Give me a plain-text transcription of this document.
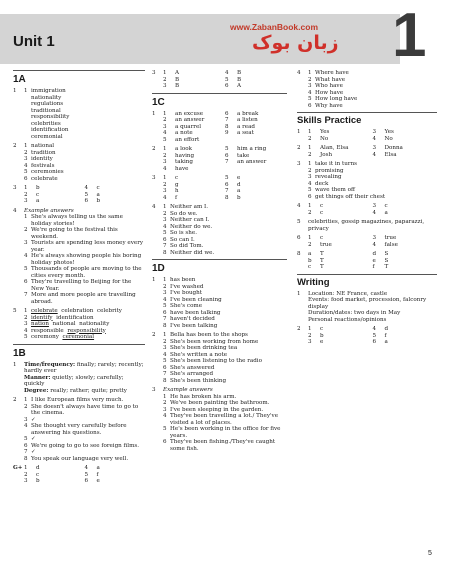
Unit 1	1
www.ZabanBook.com
زبان بوک
1A
1	1 immigration
nationality
regulations
traditional
responsibility
celebrities
identification
ceremonial
2	1 national
2 tradition
3 identity
4 festivals
5 ceremonies
6 celebrate
3	1	b	4	c
2	c	5	a
3	a	6	b
4	Example answers
1 She's always telling us the same holiday stories!
2 We're going to the festival this weekend.
3 Tourists are spending less money every year.
4 He's always showing people his boring holiday photos!
5 Thousands of people are moving to the cities every month.
6 They're travelling to Beijing for the New Year.
7 More and more people are travelling abroad.
5	1 celebrate celebration celebrity
2 identify identification
3 nation national nationality
4 responsible responsibility
5 ceremony ceremonial
1B
1	Time/frequency: finally; rarely; recently; hardly ever
Manner: quietly; slowly; carefully; quickly
Degree: really; rather; quite; pretty
2	1 I like European films very much.
2 She doesn't always have time to go to the cinema.
3 ✓
4 She thought very carefully before answering his questions.
5 ✓
6 We're going to go to see foreign films.
7 ✓
8 You speak our language very well.
G+ 1	d	4	a
2	c	5	f
3	b	6	e
3	1	A	4	B
2	B	5	B
3	B	6	A
1C
1	1	an excuse	6	a break
2	an answer	7	a listen
3	a quarrel	8	a read
4	a note	9	a seat
5	an effort
2	1	a look	5	him a ring
2	having	6	take
3	taking	7	an answer
4	have
3	1	c	5	e
2	g	6	d
3	h	7	a
4	f	8	b
4	1 Neither am I.
2 So do we.
3 Neither can I.
4 Neither do we.
5 So is she.
6 So can I.
7 So did Tom.
8 Neither did we.
1D
1	1 has been
2 I've washed
3 I've bought
4 I've been cleaning
5 She's come
6 have been talking
7 haven't decided
8 I've been talking
2	1 Bella has been to the shops
2 She's been working from home
3 She's been drinking tea
4 She's written a note
5 She's been listening to the radio
6 She's answered
7 She's arranged
8 She's been thinking
3	Example answers
1 He has broken his arm.
2 We've been painting the bathroom.
3 I've been sleeping in the garden.
4 They've been travelling a lot./ They've visited a lot of places.
5 He's been working in the office for five years.
6 They've been fishing./They've caught some fish.
4	1 Where have
2 What have
3 Who have
4 How have
5 How long have
6 Why have
Skills Practice
1	1	Yes	3	Yes
2	No	4	No
2	1	Alan, Elsa	3	Donna
2	Josh	4	Elsa
3	1 take it in turns
2 promising
3 revealing
4 deck
5 wave them off
6 get things off their chest
4	1	c	3	c
2	c	4	a
5	celebrities, gossip magazines, paparazzi, privacy
6	1	c	3	true
2	true	4	false
8	a	T	d	S
b	T	e	S
c	T	f	T
Writing
1	Location: NE France, castle
Events: food market, procession, falconry display
Duration/dates: two days in May
Personal reactions/opinions
2	1	c	4	d
2	b	5	f
3	e	6	a
5
